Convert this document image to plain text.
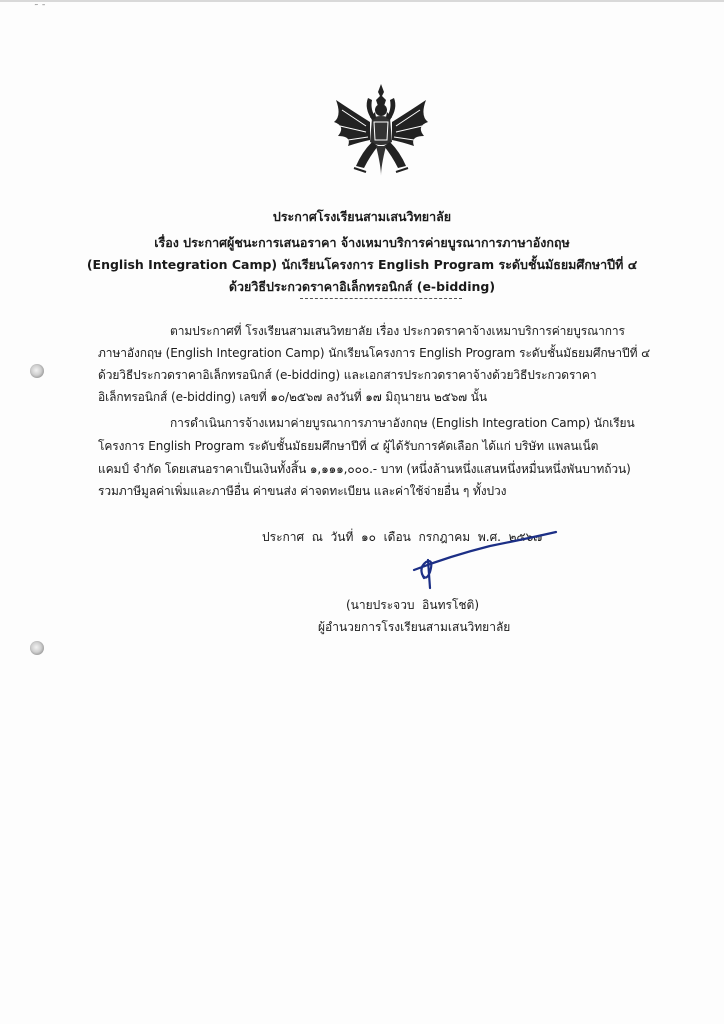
˜ ˉ
ประกาศโรงเรียนสามเสนวิทยาลัย
เรื่อง ประกาศผู้ชนะการเสนอราคา จ้างเหมาบริการค่ายบูรณาการภาษาอังกฤษ
(English Integration Camp) นักเรียนโครงการ English Program ระดับชั้นมัธยมศึกษาปีที่ ๔
ด้วยวิธีประกวดราคาอิเล็กทรอนิกส์ (e-bidding)
ตามประกาศที่ โรงเรียนสามเสนวิทยาลัย เรื่อง ประกวดราคาจ้างเหมาบริการค่ายบูรณาการ
ภาษาอังกฤษ (English Integration Camp) นักเรียนโครงการ English Program ระดับชั้นมัธยมศึกษาปีที่ ๔
ด้วยวิธีประกวดราคาอิเล็กทรอนิกส์ (e-bidding) และเอกสารประกวดราคาจ้างด้วยวิธีประกวดราคา
อิเล็กทรอนิกส์ (e-bidding) เลขที่ ๑๐/๒๕๖๗ ลงวันที่ ๑๗ มิถุนายน ๒๕๖๗ นั้น
การดำเนินการจ้างเหมาค่ายบูรณาการภาษาอังกฤษ (English Integration Camp) นักเรียน
โครงการ English Program ระดับชั้นมัธยมศึกษาปีที่ ๔ ผู้ได้รับการคัดเลือก ได้แก่ บริษัท แพลนเน็ต
แคมป์ จำกัด โดยเสนอราคาเป็นเงินทั้งสิ้น ๑,๑๑๑,๐๐๐.- บาท (หนึ่งล้านหนึ่งแสนหนึ่งหมื่นหนึ่งพันบาทถ้วน)
รวมภาษีมูลค่าเพิ่มและภาษีอื่น ค่าขนส่ง ค่าจดทะเบียน และค่าใช้จ่ายอื่น ๆ ทั้งปวง
ประกาศ  ณ  วันที่  ๑๐  เดือน  กรกฎาคม  พ.ศ.  ๒๕๖๗
(นายประจวบ  อินทรโชติ)
ผู้อำนวยการโรงเรียนสามเสนวิทยาลัย
